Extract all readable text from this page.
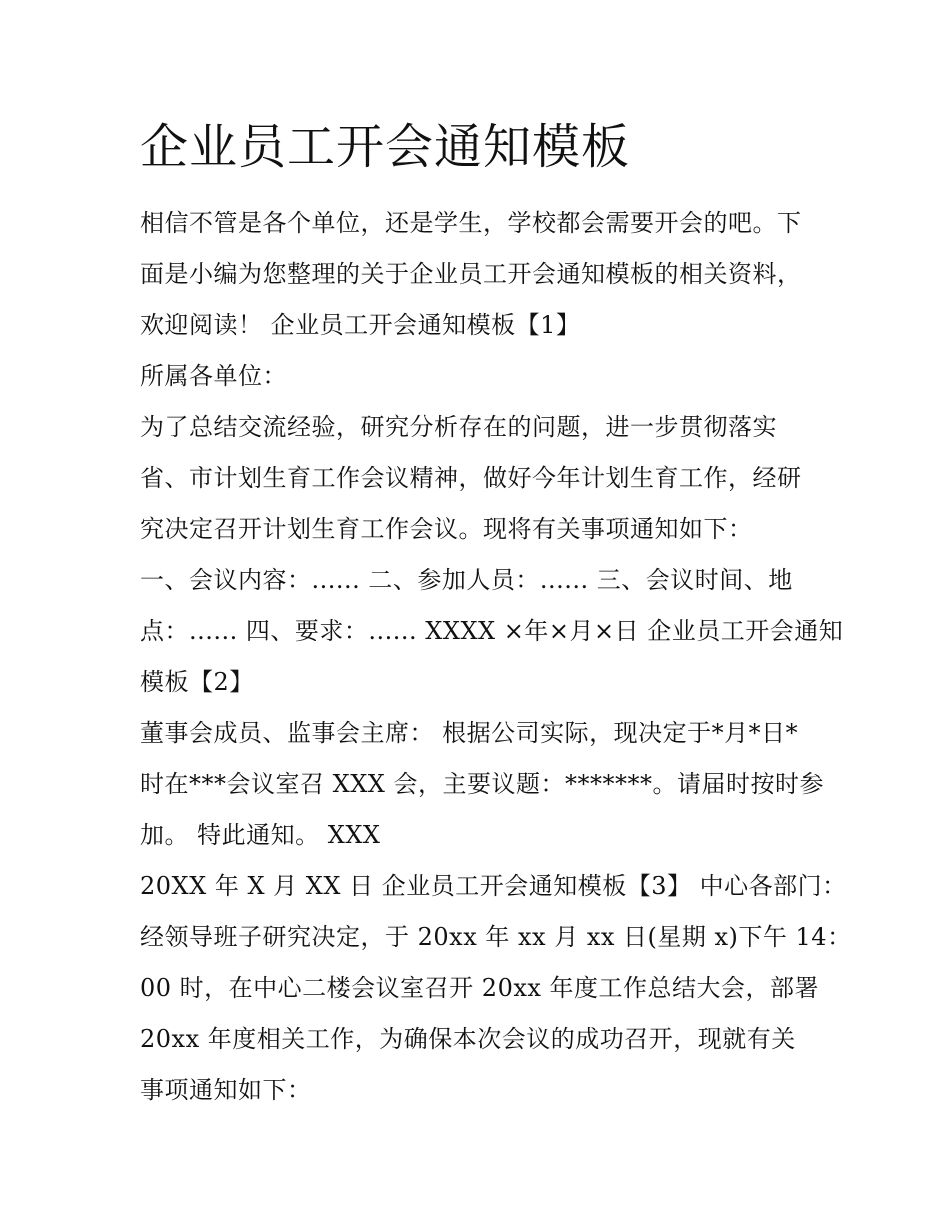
企业员工开会通知模板
相信不管是各个单位，还是学生，学校都会需要开会的吧。下
面是小编为您整理的关于企业员工开会通知模板的相关资料，
欢迎阅读！ 企业员工开会通知模板【1】
所属各单位：
为了总结交流经验，研究分析存在的问题，进一步贯彻落实
省、市计划生育工作会议精神，做好今年计划生育工作，经研
究决定召开计划生育工作会议。现将有关事项通知如下：
一、会议内容：...... 二、参加人员：...... 三、会议时间、地
点：...... 四、要求：...... XXXX ×年×月×日 企业员工开会通知
模板【2】
董事会成员、监事会主席： 根据公司实际，现决定于*月*日*
时在***会议室召 XXX 会，主要议题：*******。请届时按时参
加。 特此通知。 XXX
20XX 年 X 月 XX 日 企业员工开会通知模板【3】 中心各部门：
经领导班子研究决定，于 20xx 年 xx 月 xx 日(星期 x)下午 14：
00 时，在中心二楼会议室召开 20xx 年度工作总结大会，部署
20xx 年度相关工作，为确保本次会议的成功召开，现就有关
事项通知如下：
